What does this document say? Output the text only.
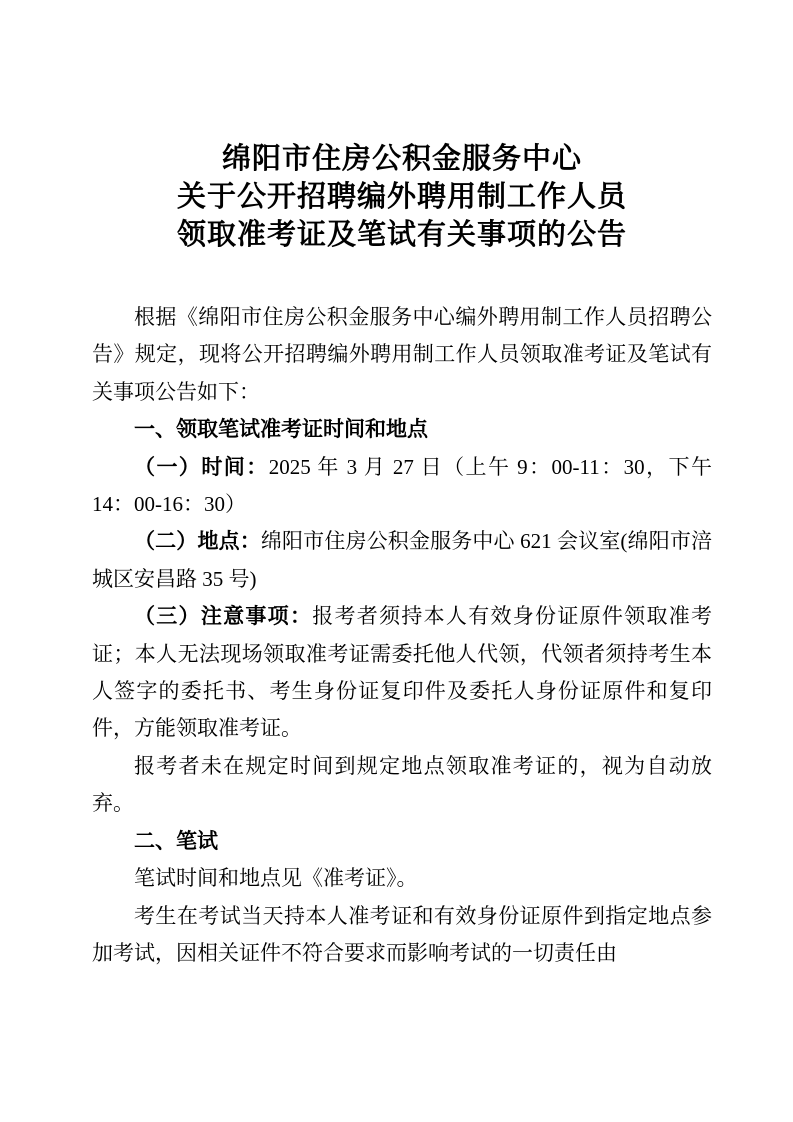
绵阳市住房公积金服务中心
关于公开招聘编外聘用制工作人员
领取准考证及笔试有关事项的公告

根据《绵阳市住房公积金服务中心编外聘用制工作人员招聘公告》规定，现将公开招聘编外聘用制工作人员领取准考证及笔试有关事项公告如下：

一、领取笔试准考证时间和地点

（一）时间：2025 年 3 月 27 日（上午 9：00-11：30，下午 14：00-16：30）

（二）地点：绵阳市住房公积金服务中心 621 会议室(绵阳市涪城区安昌路 35 号)

（三）注意事项：报考者须持本人有效身份证原件领取准考证；本人无法现场领取准考证需委托他人代领，代领者须持考生本人签字的委托书、考生身份证复印件及委托人身份证原件和复印件，方能领取准考证。

报考者未在规定时间到规定地点领取准考证的，视为自动放弃。

二、笔试

笔试时间和地点见《准考证》。

考生在考试当天持本人准考证和有效身份证原件到指定地点参加考试，因相关证件不符合要求而影响考试的一切责任由
